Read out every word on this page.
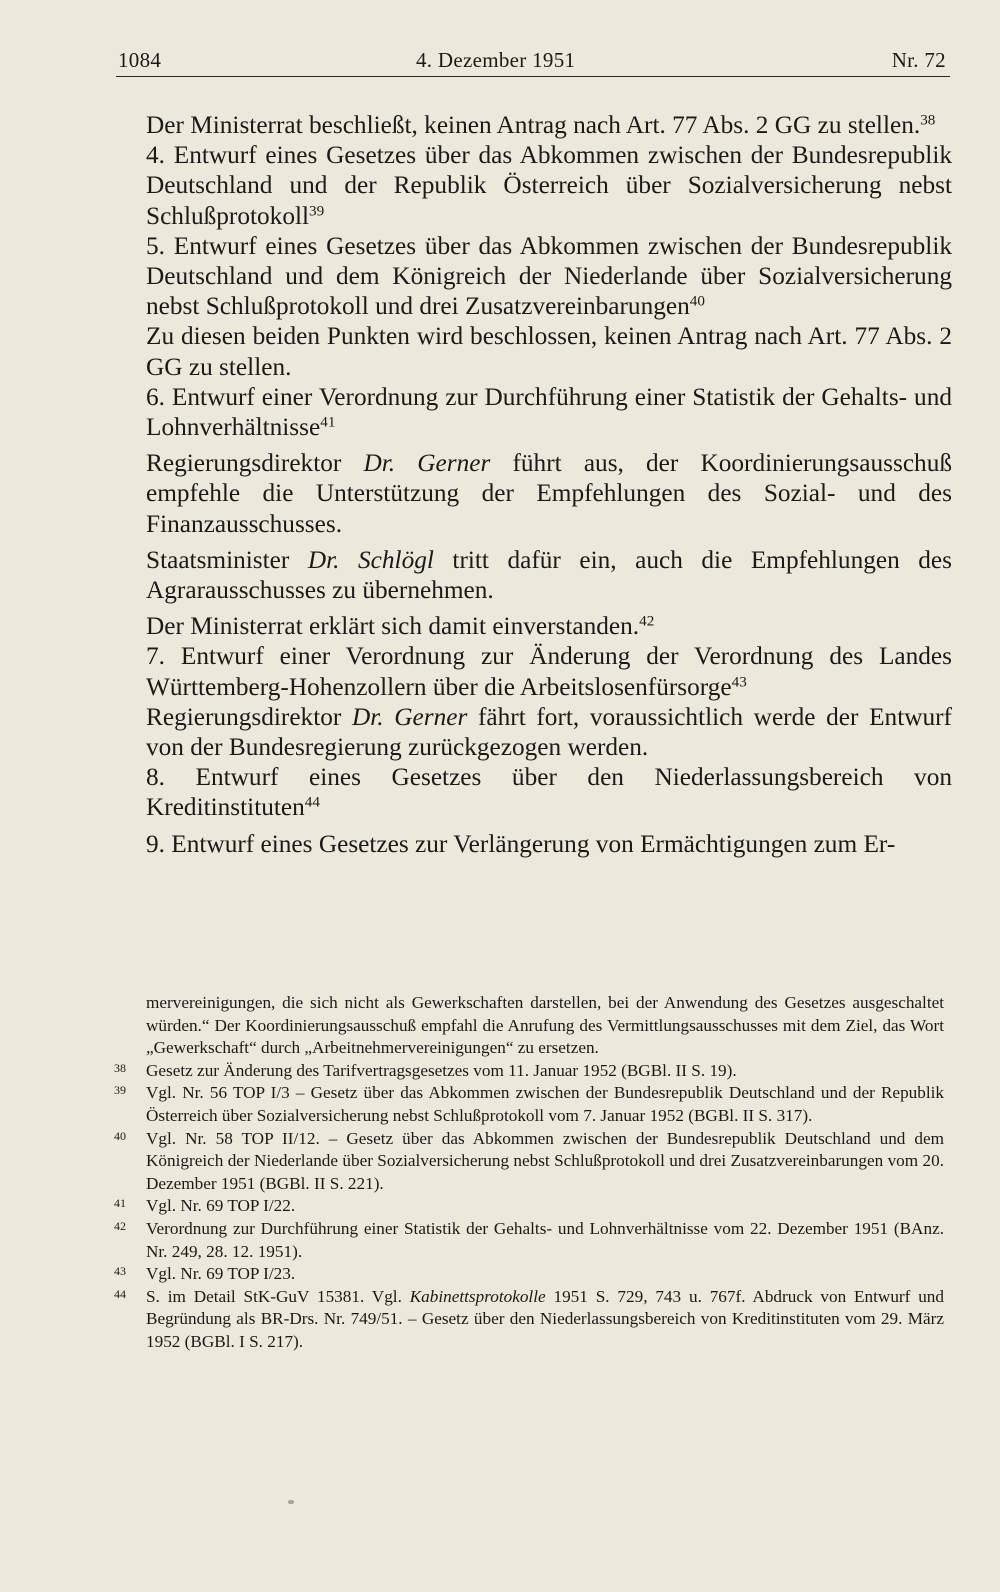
1084	4. Dezember 1951	Nr. 72

Der Ministerrat beschließt, keinen Antrag nach Art. 77 Abs. 2 GG zu stellen.$^{38}$

4. Entwurf eines Gesetzes über das Abkommen zwischen der Bundesrepublik Deutschland und der Republik Österreich über Sozialversicherung nebst Schlußprotokoll$^{39}$

5. Entwurf eines Gesetzes über das Abkommen zwischen der Bundesrepublik Deutschland und dem Königreich der Niederlande über Sozialversicherung nebst Schlußprotokoll und drei Zusatzvereinbarungen$^{40}$

Zu diesen beiden Punkten wird beschlossen, keinen Antrag nach Art. 77 Abs. 2 GG zu stellen.

6. Entwurf einer Verordnung zur Durchführung einer Statistik der Gehalts- und Lohnverhältnisse$^{41}$

Regierungsdirektor Dr. Gerner führt aus, der Koordinierungsausschuß empfehle die Unterstützung der Empfehlungen des Sozial- und des Finanzausschusses.

Staatsminister Dr. Schlögl tritt dafür ein, auch die Empfehlungen des Agrarausschusses zu übernehmen.

Der Ministerrat erklärt sich damit einverstanden.$^{42}$

7. Entwurf einer Verordnung zur Änderung der Verordnung des Landes Württemberg-Hohenzollern über die Arbeitslosenfürsorge$^{43}$

Regierungsdirektor Dr. Gerner fährt fort, voraussichtlich werde der Entwurf von der Bundesregierung zurückgezogen werden.

8. Entwurf eines Gesetzes über den Niederlassungsbereich von Kreditinstituten$^{44}$

9. Entwurf eines Gesetzes zur Verlängerung von Ermächtigungen zum Er-

mervereinigungen, die sich nicht als Gewerkschaften darstellen, bei der Anwendung des Gesetzes ausgeschaltet würden.“ Der Koordinierungsausschuß empfahl die Anrufung des Vermittlungsausschusses mit dem Ziel, das Wort „Gewerkschaft“ durch „Arbeitnehmervereinigungen“ zu ersetzen.

38	Gesetz zur Änderung des Tarifvertragsgesetzes vom 11. Januar 1952 (BGBl. II S. 19).

39	Vgl. Nr. 56 TOP I/3 – Gesetz über das Abkommen zwischen der Bundesrepublik Deutschland und der Republik Österreich über Sozialversicherung nebst Schlußprotokoll vom 7. Januar 1952 (BGBl. II S. 317).

40	Vgl. Nr. 58 TOP II/12. – Gesetz über das Abkommen zwischen der Bundesrepublik Deutschland und dem Königreich der Niederlande über Sozialversicherung nebst Schlußprotokoll und drei Zusatzvereinbarungen vom 20. Dezember 1951 (BGBl. II S. 221).

41	Vgl. Nr. 69 TOP I/22.

42	Verordnung zur Durchführung einer Statistik der Gehalts- und Lohnverhältnisse vom 22. Dezember 1951 (BAnz. Nr. 249, 28. 12. 1951).

43	Vgl. Nr. 69 TOP I/23.

44	S. im Detail StK-GuV 15381. Vgl. Kabinettsprotokolle 1951 S. 729, 743 u. 767f. Abdruck von Entwurf und Begründung als BR-Drs. Nr. 749/51. – Gesetz über den Niederlassungsbereich von Kreditinstituten vom 29. März 1952 (BGBl. I S. 217).
